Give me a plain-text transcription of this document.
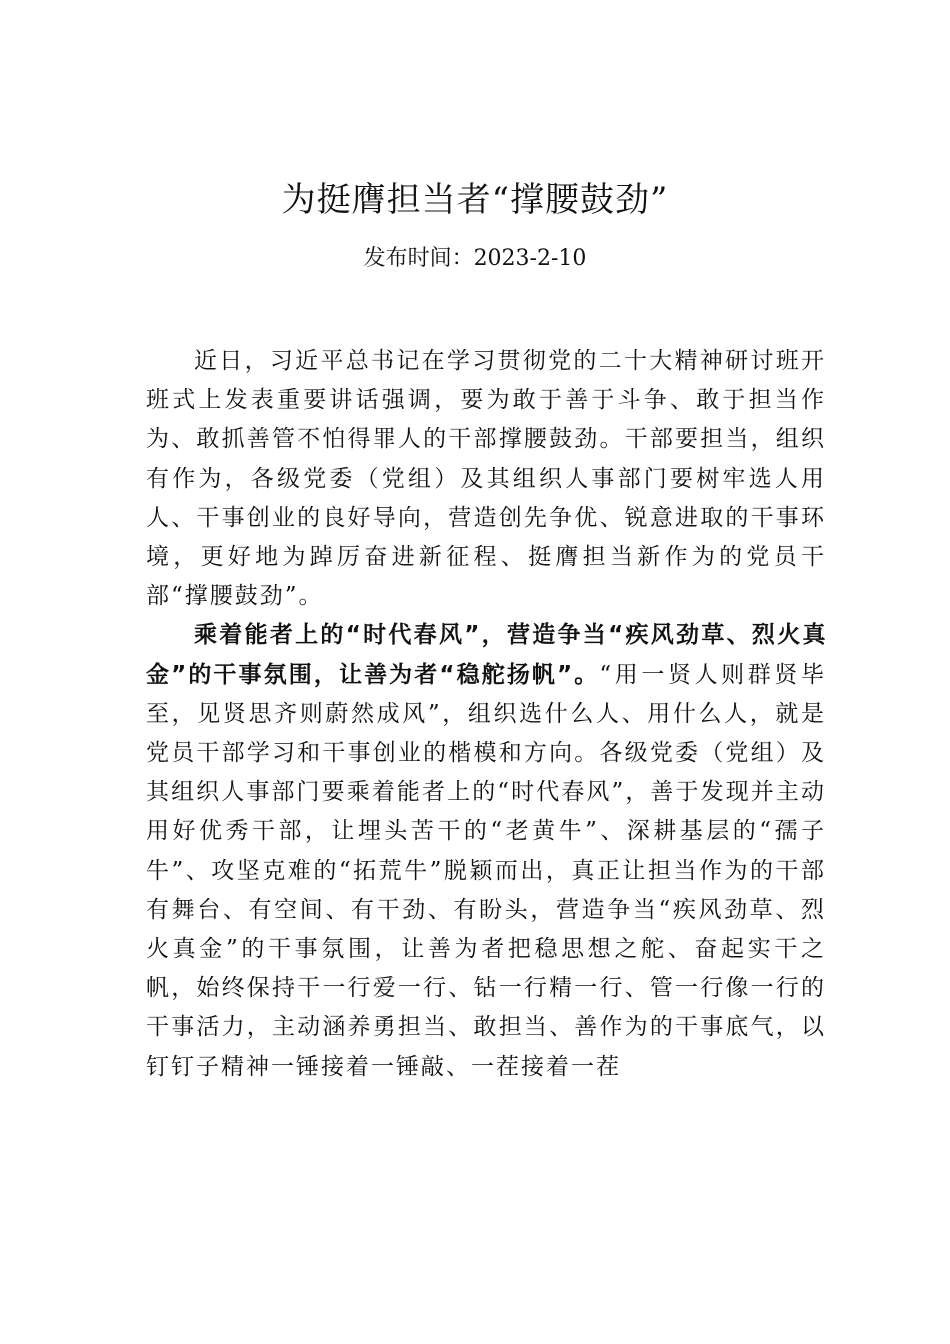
为挺膺担当者“撑腰鼓劲”
发布时间：2023-2-10

近日，习近平总书记在学习贯彻党的二十大精神研讨班开班式上发表重要讲话强调，要为敢于善于斗争、敢于担当作为、敢抓善管不怕得罪人的干部撑腰鼓劲。干部要担当，组织有作为，各级党委（党组）及其组织人事部门要树牢选人用人、干事创业的良好导向，营造创先争优、锐意进取的干事环境，更好地为踔厉奋进新征程、挺膺担当新作为的党员干部“撑腰鼓劲”。

乘着能者上的“时代春风”，营造争当“疾风劲草、烈火真金”的干事氛围，让善为者“稳舵扬帆”。“用一贤人则群贤毕至，见贤思齐则蔚然成风”，组织选什么人、用什么人，就是党员干部学习和干事创业的楷模和方向。各级党委（党组）及其组织人事部门要乘着能者上的“时代春风”，善于发现并主动用好优秀干部，让埋头苦干的“老黄牛”、深耕基层的“孺子牛”、攻坚克难的“拓荒牛”脱颖而出，真正让担当作为的干部有舞台、有空间、有干劲、有盼头，营造争当“疾风劲草、烈火真金”的干事氛围，让善为者把稳思想之舵、奋起实干之帆，始终保持干一行爱一行、钻一行精一行、管一行像一行的干事活力，主动涵养勇担当、敢担当、善作为的干事底气，以钉钉子精神一锤接着一锤敲、一茬接着一茬
